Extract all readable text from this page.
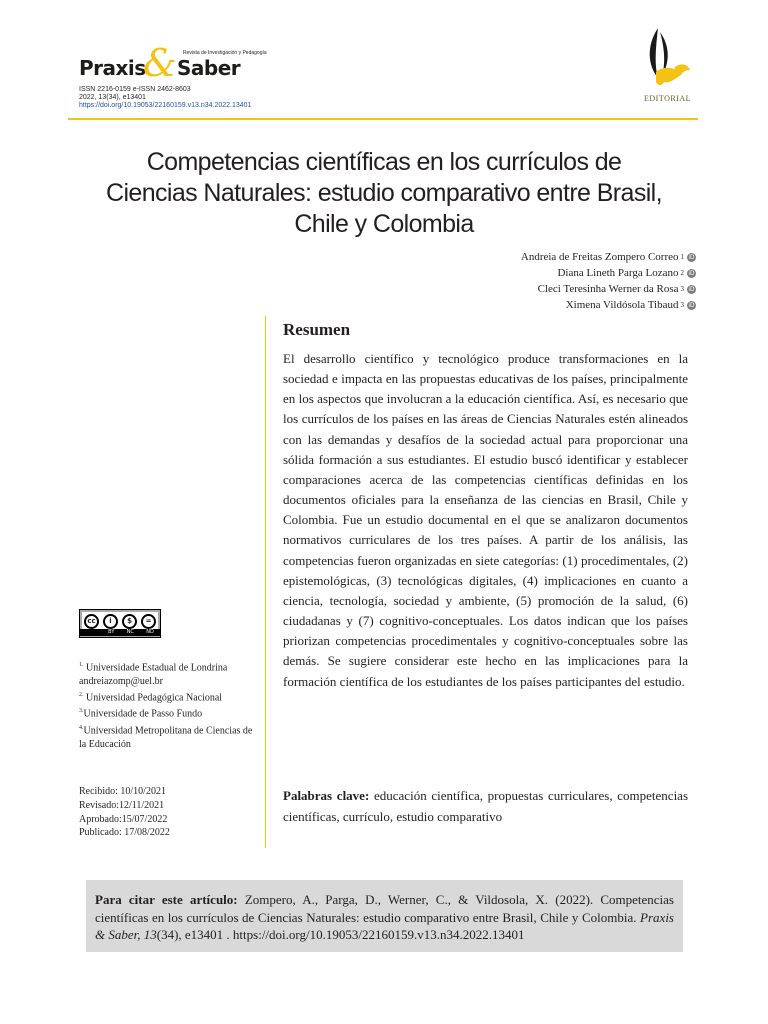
Praxis
& Saber
Revista de Investigación y Pedagogía
ISSN 2216-0159 e-ISSN 2462-8603
2022, 13(34), e13401
https://doi.org/10.19053/22160159.v13.n34.2022.13401
EDITORIAL
Competencias científicas en los currículos de Ciencias Naturales: estudio comparativo entre Brasil, Chile y Colombia
Andreia de Freitas Zompero Correo 1 iD
Diana Lineth Parga Lozano 2 iD
Cleci Teresinha Werner da Rosa 3 iD
Ximena Vildósola Tibaud 3 iD
Resumen
El desarrollo científico y tecnológico produce transformaciones en la sociedad e impacta en las propuestas educativas de los países, principalmente en los aspectos que involucran a la educación científica. Así, es necesario que los currículos de los países en las áreas de Ciencias Naturales estén alineados con las demandas y desafíos de la sociedad actual para proporcionar una sólida formación a sus estudiantes. El estudio buscó identificar y establecer comparaciones acerca de las competencias científicas definidas en los documentos oficiales para la enseñanza de las ciencias en Brasil, Chile y Colombia. Fue un estudio documental en el que se analizaron documentos normativos curriculares de los tres países. A partir de los análisis, las competencias fueron organizadas en siete categorías: (1) procedimentales, (2) epistemológicas, (3) tecnológicas digitales, (4) implicaciones en cuanto a ciencia, tecnología, sociedad y ambiente, (5) promoción de la salud, (6) ciudadanas y (7) cognitivo-conceptuales. Los datos indican que los países priorizan competencias procedimentales y cognitivo-conceptuales sobre las demás. Se sugiere considerar este hecho en las implicaciones para la formación científica de los estudiantes de los países participantes del estudio.
Palabras clave: educación científica, propuestas curriculares, competencias científicas, currículo, estudio comparativo
cc	i	$	=
BY NC ND
$^{1.}$ Universidade Estadual de Londrina
andreiazomp@uel.br
$^{2.}$ Universidad Pedagógica Nacional
$^{3.}$Universidade de Passo Fundo
$^{4.}$Universidad Metropolitana de Ciencias de la Educación
Recibido: 10/10/2021
Revisado:12/11/2021
Aprobado:15/07/2022
Publicado: 17/08/2022
Para citar este artículo: Zompero, A., Parga, D., Werner, C., & Vildosola, X. (2022). Competencias científicas en los currículos de Ciencias Naturales: estudio comparativo entre Brasil, Chile y Colombia. Praxis & Saber, 13(34), e13401 . https://doi.org/10.19053/22160159.v13.n34.2022.13401
